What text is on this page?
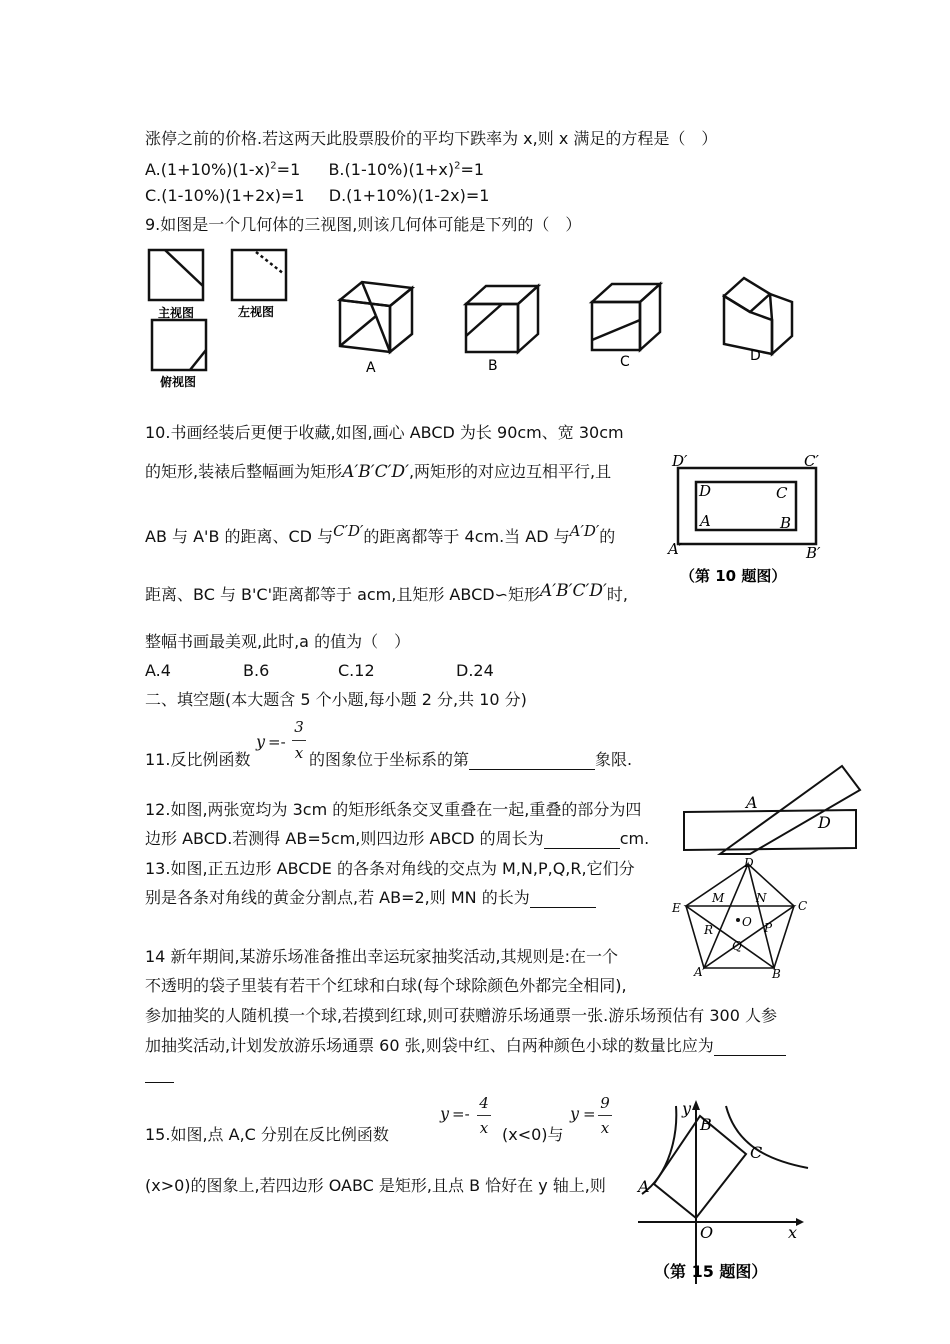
涨停之前的价格.若这两天此股票股价的平均下跌率为 x,则 x 满足的方程是（　）
$A.(1+10\%)(1-x)^2=1$ $B.(1-10\%)(1+x)^2=1$
C.(1-10%)(1+2x)=1 D.(1+10%)(1-2x)=1
9.如图是一个几何体的三视图,则该几何体可能是下列的（　）
主视图	左视图
俯视图
A	B	C	D
10.书画经装后更便于收藏,如图,画心 ABCD 为长 90cm、宽 30cm
的矩形,装裱后整幅画为矩形A′B′C′D′,两矩形的对应边互相平行,且
AB 与 A'B 的距离、CD 与C′D′的距离都等于 4cm.当 AD 与A′D′的
距离、BC 与 B'C'距离都等于 acm,且矩形 ABCD∽矩形A′B′C′D′时,
整幅书画最美观,此时,a 的值为（　）
A.4	B.6	C.12	D.24
D′	C′
D	C
A	B
A′	B′
（第 10 题图）
二、填空题(本大题含 5 个小题,每小题 2 分,共 10 分)
11.反比例函数
y =-
3
x 的图象位于坐标系的第	象限.
12.如图,两张宽均为 3cm 的矩形纸条交叉重叠在一起,重叠的部分为四
边形 ABCD.若测得 AB=5cm,则四边形 ABCD 的周长为	cm.
A
D
13.如图,正五边形 ABCDE 的各条对角线的交点为 M,N,P,Q,R,它们分
别是各条对角线的黄金分割点,若 AB=2,则 MN 的长为
D
E	C
A	B
M	N
O P
Q
R
14 新年期间,某游乐场准备推出幸运玩家抽奖活动,其规则是:在一个
不透明的袋子里装有若干个红球和白球(每个球除颜色外都完全相同),
参加抽奖的人随机摸一个球,若摸到红球,则可获赠游乐场通票一张.游乐场预估有 300 人参
加抽奖活动,计划发放游乐场通票 60 张,则袋中红、白两种颜色小球的数量比应为
15.如图,点 A,C 分别在反比例函数
y =-
4
x (x<0)与
y =
9
x
(x>0)的图象上,若四边形 OABC 是矩形,且点 B 恰好在 y 轴上,则
y
x
B
C
A
O
（第 15 题图）
